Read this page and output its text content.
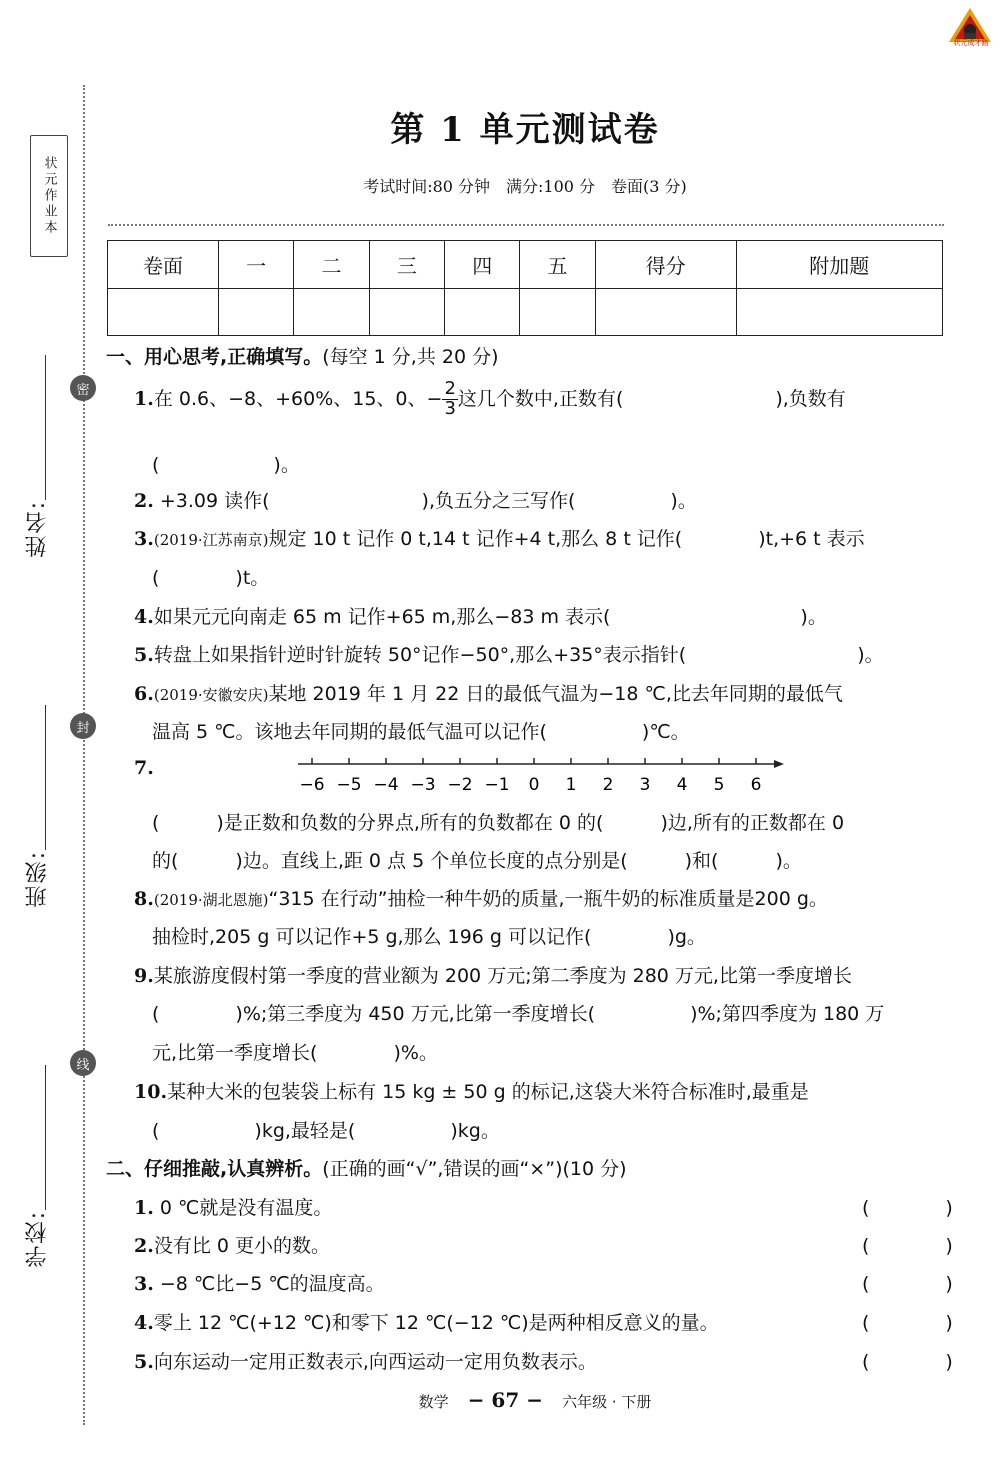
状元作业本
密
封
线
姓名:
班级:
学校:
状元成才路
第 1 单元测试卷
考试时间:80 分钟　满分:100 分　卷面(3 分)
卷面	一	二	三	四	五	得分	附加题

一、用心思考,正确填写。(每空 1 分,共 20 分)
1.在 0.6、−8、+60%、15、0、− $\frac{2}{3}$ 这几个数中,正数有(　　　　　　　　),负数有
(　　　　　　)。
2. +3.09 读作(　　　　　　　　),负五分之三写作(　　　　　)。
3.(2019·江苏南京)规定 10 t 记作 0 t,14 t 记作+4 t,那么 8 t 记作(　　　　)t,+6 t 表示
(　　　　)t。
4.如果元元向南走 65 m 记作+65 m,那么−83 m 表示(　　　　　　　　　　)。
5.转盘上如果指针逆时针旋转 50°记作−50°,那么+35°表示指针(　　　　　　　　　)。
6.(2019·安徽安庆)某地 2019 年 1 月 22 日的最低气温为−18 ℃,比去年同期的最低气
温高 5 ℃。该地去年同期的最低气温可以记作(　　　　　)℃。
7.
−6 −5 −4 −3 −2 −1 0 1 2 3 4 5 6
(　　　)是正数和负数的分界点,所有的负数都在 0 的(　　　)边,所有的正数都在 0
的(　　　)边。直线上,距 0 点 5 个单位长度的点分别是(　　　)和(　　　)。
8.(2019·湖北恩施)“315 在行动”抽检一种牛奶的质量,一瓶牛奶的标准质量是200 g。
抽检时,205 g 可以记作+5 g,那么 196 g 可以记作(　　　　)g。
9.某旅游度假村第一季度的营业额为 200 万元;第二季度为 280 万元,比第一季度增长
(　　　　)%;第三季度为 450 万元,比第一季度增长(　　　　　)%;第四季度为 180 万
元,比第一季度增长(　　　　)%。
10.某种大米的包装袋上标有 15 kg ± 50 g 的标记,这袋大米符合标准时,最重是
(　　　　　)kg,最轻是(　　　　　)kg。
二、仔细推敲,认真辨析。(正确的画“√”,错误的画“×”)(10 分)
1. 0 ℃就是没有温度。	(　　　　)
2.没有比 0 更小的数。	(　　　　)
3. −8 ℃比−5 ℃的温度高。	(　　　　)
4.零上 12 ℃(+12 ℃)和零下 12 ℃(−12 ℃)是两种相反意义的量。	(　　　　)
5.向东运动一定用正数表示,向西运动一定用负数表示。	(　　　　)
数学 − 67 − 六年级 · 下册
